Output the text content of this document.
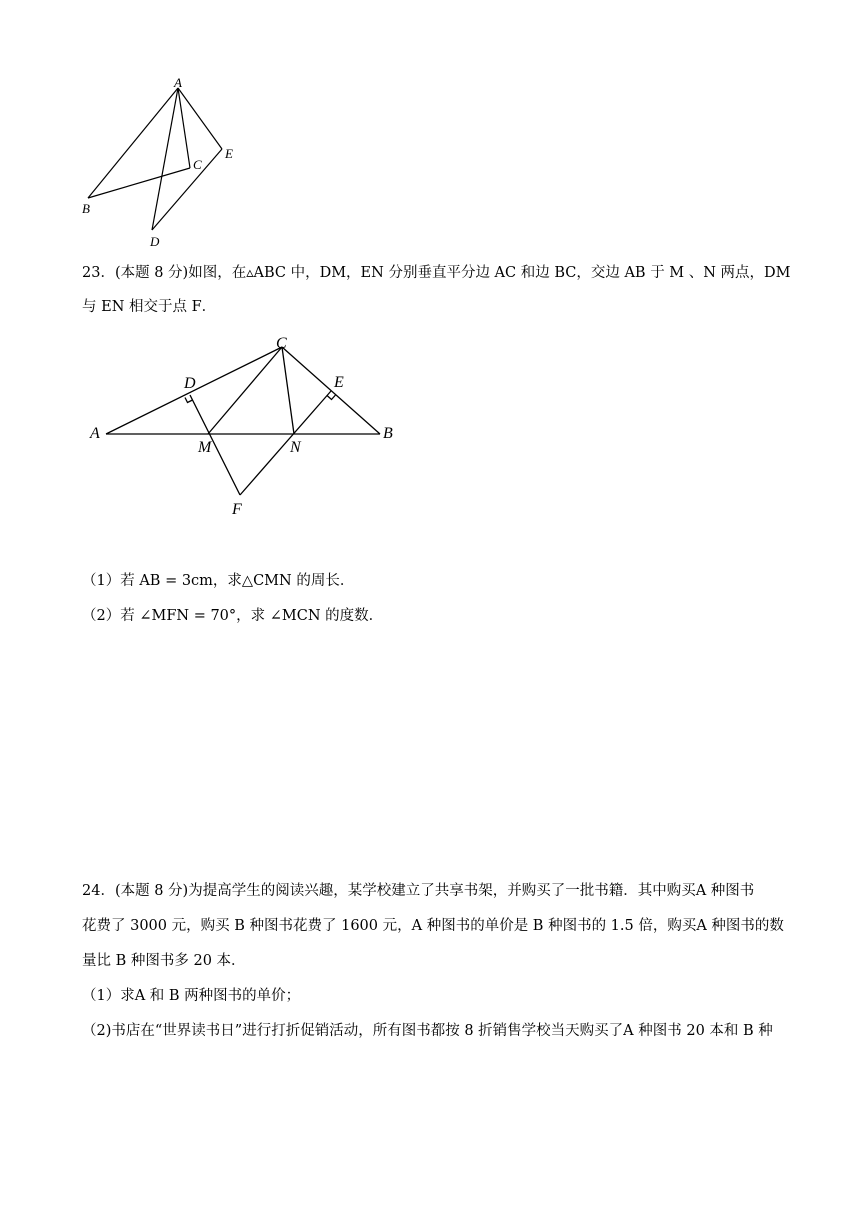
A
B
C
E
D
23．(本题 8 分)如图，在▵ABC 中，DM，EN 分别垂直平分边 AC 和边 BC，交边 AB 于 M 、N 两点，DM
与 EN 相交于点 F．
A	B
C
D	E
M	N
F
（1）若 AB = 3cm，求△CMN 的周长．
（2）若 ∠MFN = 70°，求 ∠MCN 的度数．
24．(本题 8 分)为提高学生的阅读兴趣，某学校建立了共享书架，并购买了一批书籍．其中购买A 种图书
花费了 3000 元，购买 B 种图书花费了 1600 元，A 种图书的单价是 B 种图书的 1.5 倍，购买A 种图书的数
量比 B 种图书多 20 本．
（1）求A 和 B 两种图书的单价；
（2)书店在“世界读书日”进行打折促销活动，所有图书都按 8 折销售学校当天购买了A 种图书 20 本和 B 种
